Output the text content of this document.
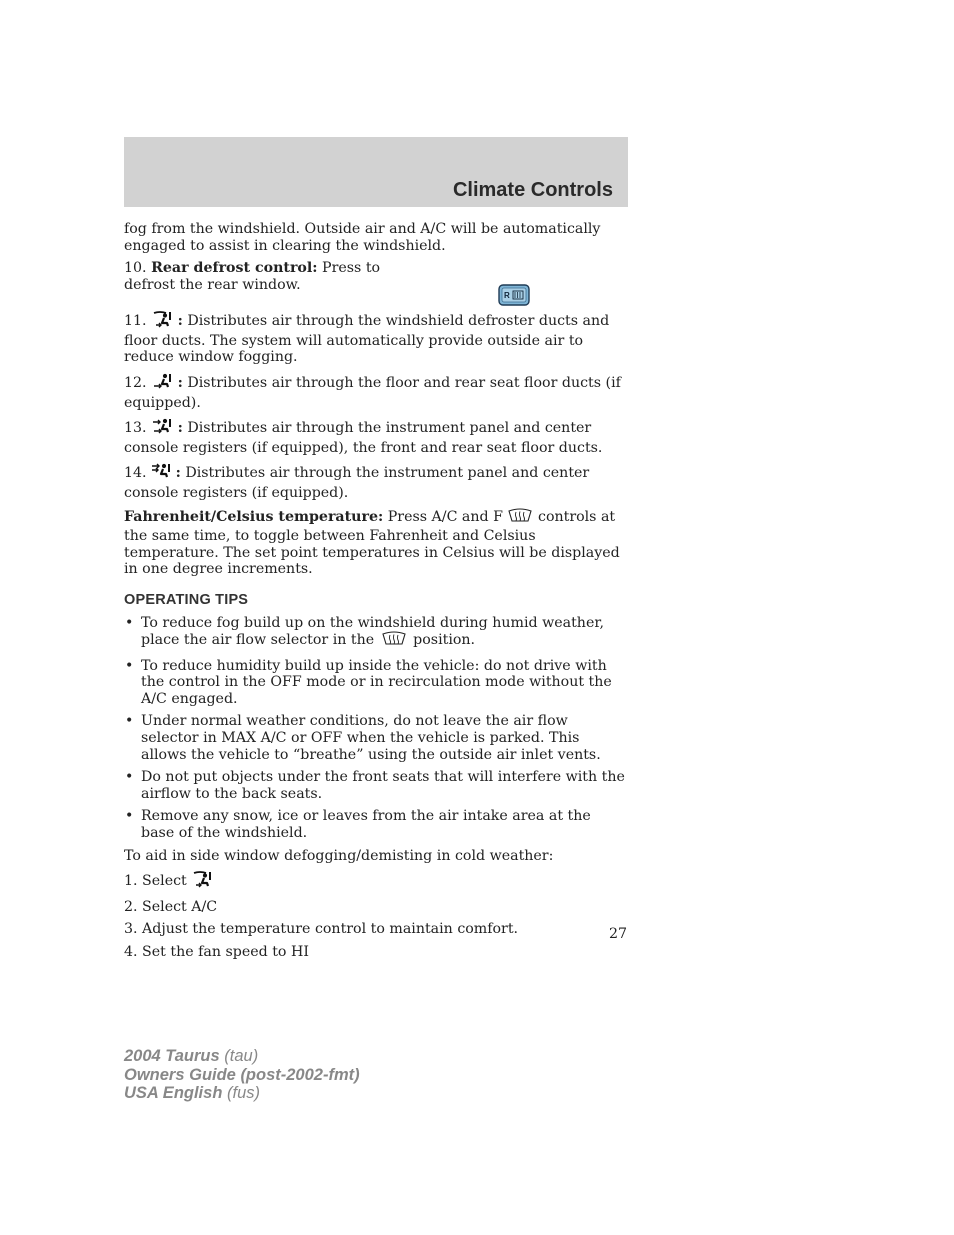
Climate Controls

fog from the windshield. Outside air and A/C will be automatically engaged to assist in clearing the windshield.

10. Rear defrost control: Press to defrost the rear window.
R

11. : Distributes air through the windshield defroster ducts and floor ducts. The system will automatically provide outside air to reduce window fogging.

12. : Distributes air through the floor and rear seat floor ducts (if equipped).

13. : Distributes air through the instrument panel and center console registers (if equipped), the front and rear seat floor ducts.

14. : Distributes air through the instrument panel and center console registers (if equipped).

Fahrenheit/Celsius temperature: Press A/C and F  controls at the same time, to toggle between Fahrenheit and Celsius temperature. The set point temperatures in Celsius will be displayed in one degree increments.

OPERATING TIPS
• To reduce fog build up on the windshield during humid weather, place the air flow selector in the	position.
• To reduce humidity build up inside the vehicle: do not drive with the control in the OFF mode or in recirculation mode without the A/C engaged.
• Under normal weather conditions, do not leave the air flow selector in MAX A/C or OFF when the vehicle is parked. This allows the vehicle to “breathe” using the outside air inlet vents.
• Do not put objects under the front seats that will interfere with the airflow to the back seats.
• Remove any snow, ice or leaves from the air intake area at the base of the windshield.

To aid in side window defogging/demisting in cold weather:

1. Select

2. Select A/C

3. Adjust the temperature control to maintain comfort.

4. Set the fan speed to HI

27
2004 Taurus (tau)
Owners Guide (post-2002-fmt)
USA English (fus)
